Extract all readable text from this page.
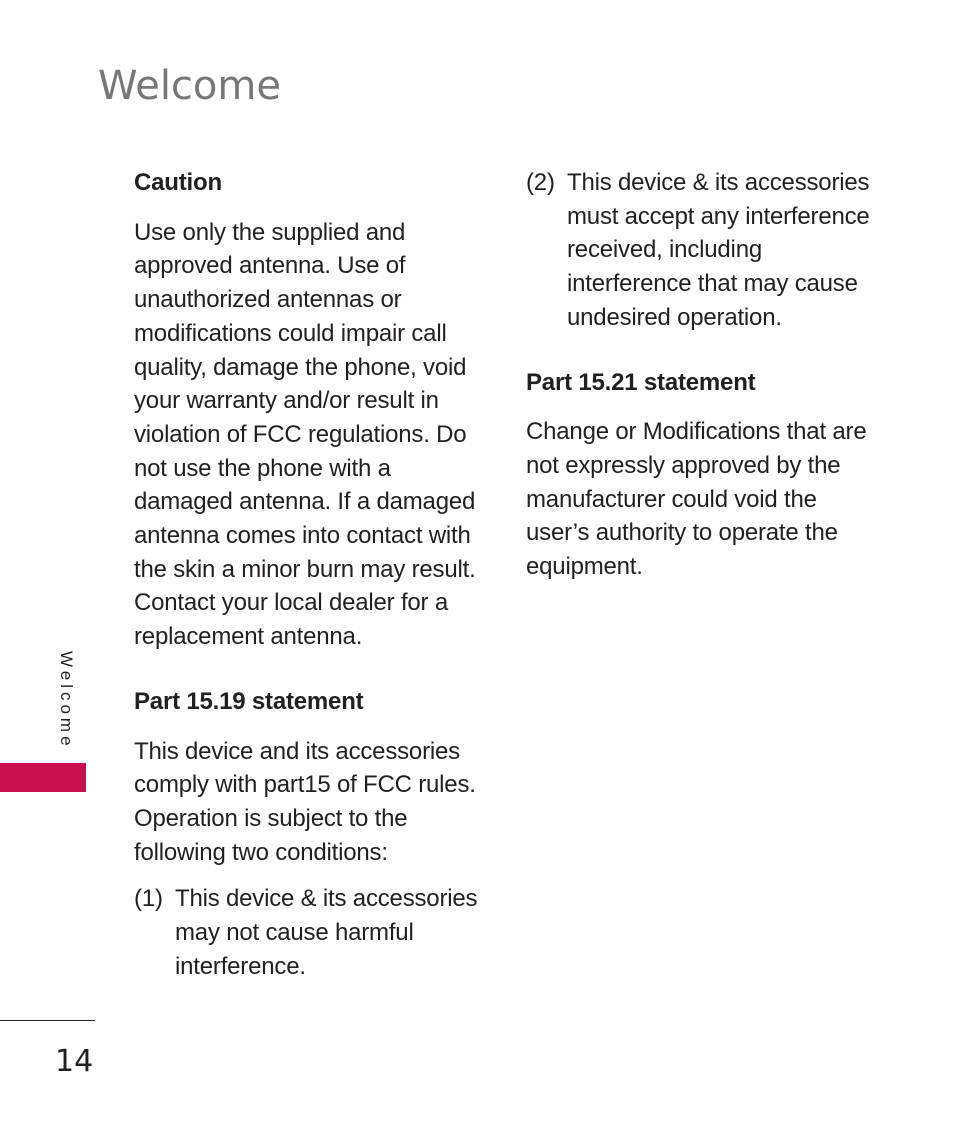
Welcome

Caution

Use only the supplied and approved antenna. Use of unauthorized antennas or modifications could impair call quality, damage the phone, void your warranty and/or result in violation of FCC regulations. Do not use the phone with a damaged antenna. If a damaged antenna comes into contact with the skin a minor burn may result. Contact your local dealer for a replacement antenna.

Part 15.19 statement

This device and its accessories comply with part15 of FCC rules. Operation is subject to the following two conditions:

(1) This device & its accessories may not cause harmful interference.
(2) This device & its accessories must accept any interference received, including interference that may cause undesired operation.

Part 15.21 statement

Change or Modifications that are not expressly approved by the manufacturer could void the user’s authority to operate the equipment.

Welcome
14
